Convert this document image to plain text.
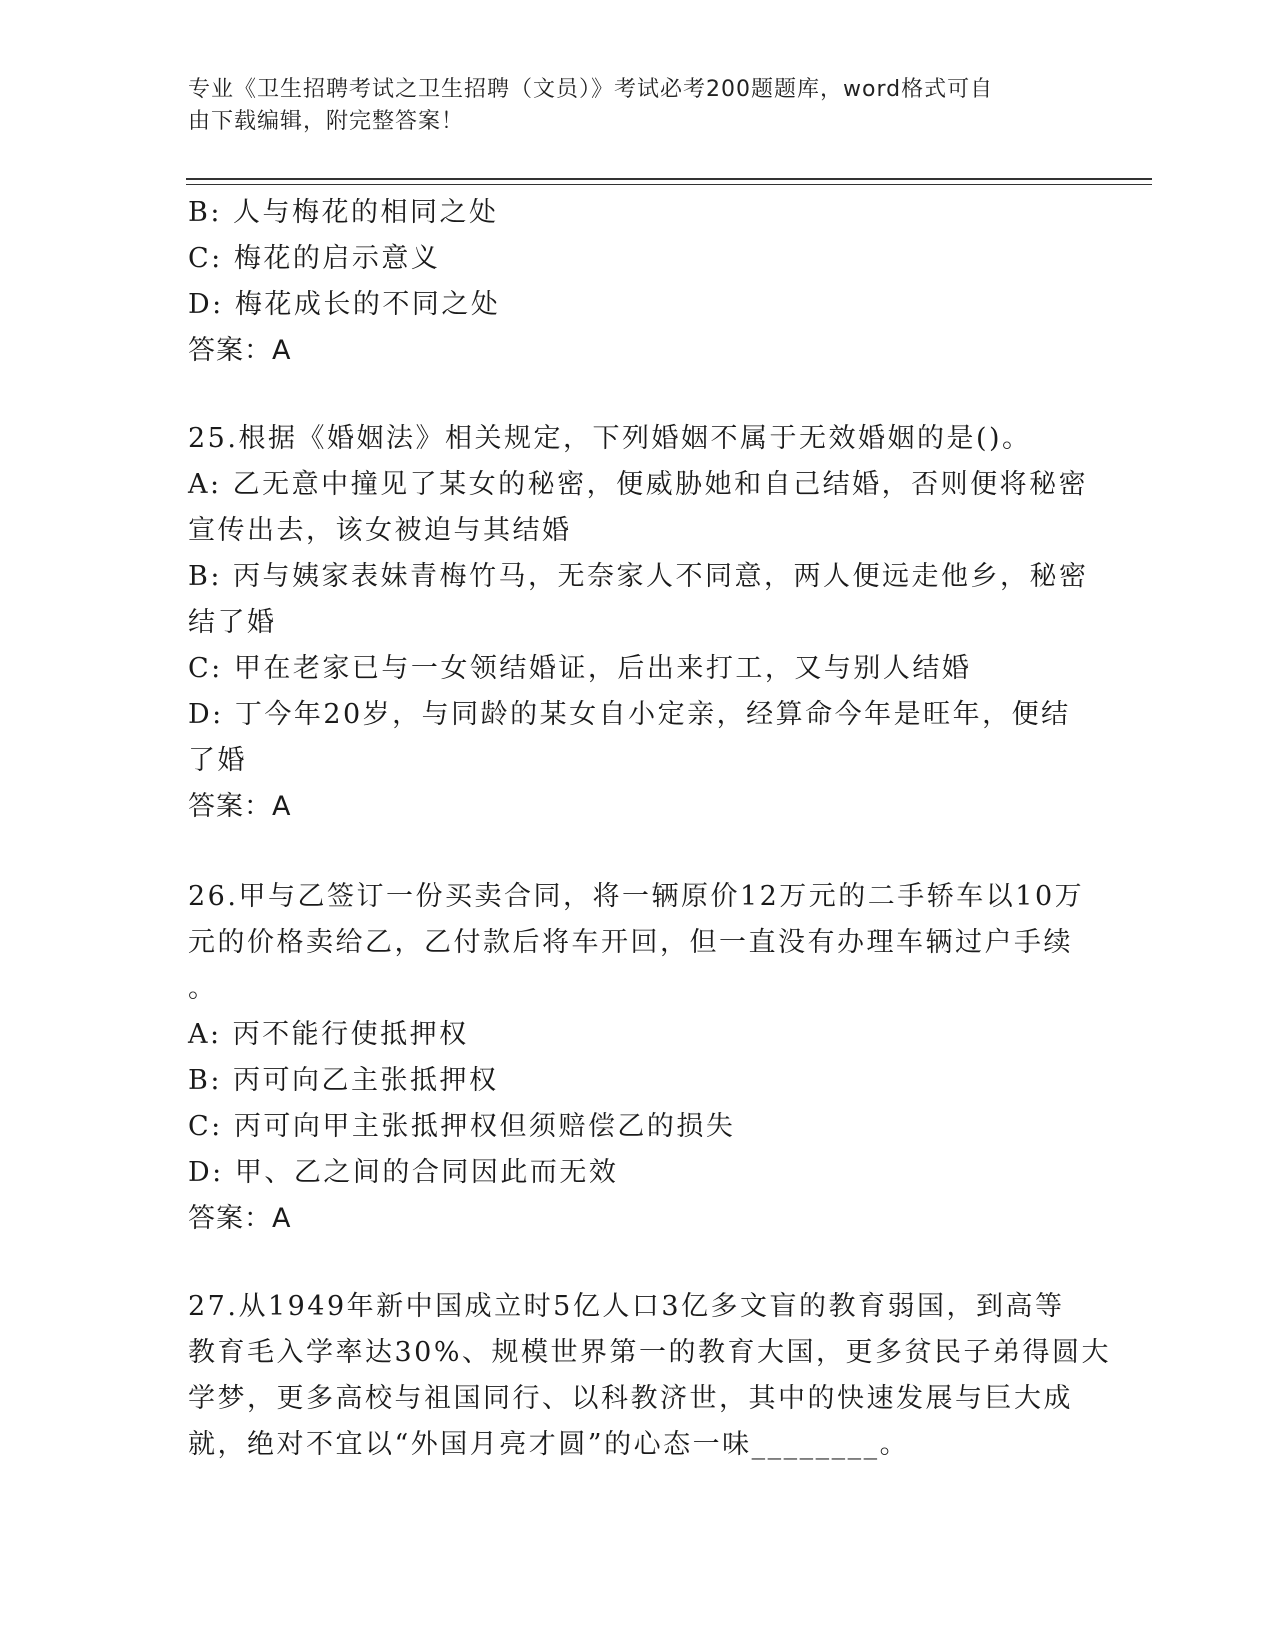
专业《卫生招聘考试之卫生招聘（文员）》考试必考200题题库，word格式可自
由下载编辑，附完整答案！
B: 人与梅花的相同之处
C: 梅花的启示意义
D: 梅花成长的不同之处
答案：A
25.根据《婚姻法》相关规定，下列婚姻不属于无效婚姻的是()。
A: 乙无意中撞见了某女的秘密，便威胁她和自己结婚，否则便将秘密
宣传出去，该女被迫与其结婚
B: 丙与姨家表妹青梅竹马，无奈家人不同意，两人便远走他乡，秘密
结了婚
C: 甲在老家已与一女领结婚证，后出来打工，又与别人结婚
D: 丁今年20岁，与同龄的某女自小定亲，经算命今年是旺年，便结
了婚
答案：A
26.甲与乙签订一份买卖合同，将一辆原价12万元的二手轿车以10万
元的价格卖给乙，乙付款后将车开回，但一直没有办理车辆过户手续
。
A: 丙不能行使抵押权
B: 丙可向乙主张抵押权
C: 丙可向甲主张抵押权但须赔偿乙的损失
D: 甲、乙之间的合同因此而无效
答案：A
27.从1949年新中国成立时5亿人口3亿多文盲的教育弱国，到高等
教育毛入学率达30%、规模世界第一的教育大国，更多贫民子弟得圆大
学梦，更多高校与祖国同行、以科教济世，其中的快速发展与巨大成
就，绝对不宜以“外国月亮才圆”的心态一味________。
